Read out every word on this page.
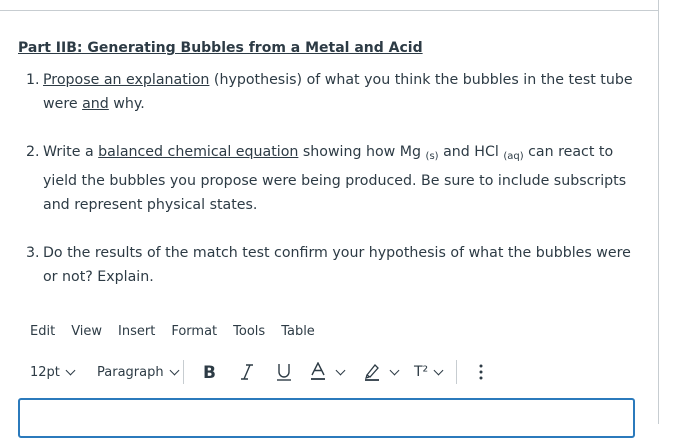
Part IIB: Generating Bubbles from a Metal and Acid

1. Propose an explanation (hypothesis) of what you think the bubbles in the test tube were and why.
2. Write a balanced chemical equation showing how Mg $_{(s)}$ and HCl $_{(aq)}$ can react to yield the bubbles you propose were being produced. Be sure to include subscripts and represent physical states.
3. Do the results of the match test confirm your hypothesis of what the bubbles were or not? Explain.
Edit View Insert Format Tools Table
12pt	Paragraph B	T²
